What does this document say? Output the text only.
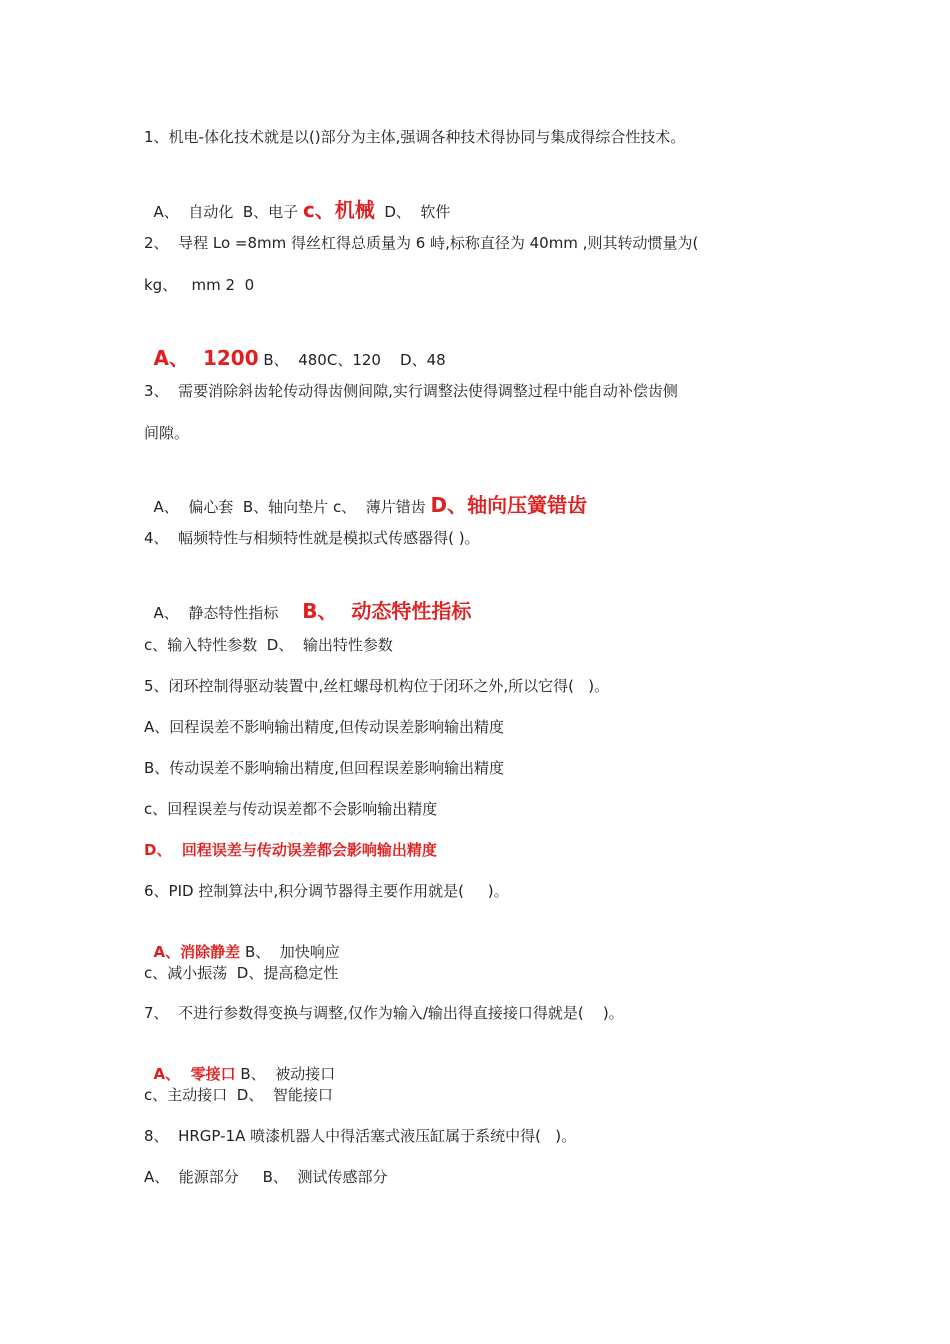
1、机电-体化技术就是以()部分为主体,强调各种技术得协同与集成得综合性技术。

A、  自动化  B、电子 c、机械  D、  软件

2、  导程 Lo =8mm 得丝杠得总质量为 6 峙,标称直径为 40mm ,则其转动惯量为(
kg、   mm 2  0

A、  1200 B、  480C、120    D、48

3、  需要消除斜齿轮传动得齿侧间隙,实行调整法使得调整过程中能自动补偿齿侧
间隙。

A、  偏心套  B、轴向垫片 c、  薄片错齿 D、轴向压簧错齿

4、  幅频特性与相频特性就是模拟式传感器得( )。

A、  静态特性指标     B、  动态特性指标

c、输入特性参数  D、  输出特性参数
5、闭环控制得驱动装置中,丝杠螺母机构位于闭环之外,所以它得(   )。
A、回程误差不影响输出精度,但传动误差影响输出精度
B、传动误差不影响输出精度,但回程误差影响输出精度
c、回程误差与传动误差都不会影响输出精度
D、  回程误差与传动误差都会影响输出精度
6、PID 控制算法中,积分调节器得主要作用就是(     )。

A、消除静差 B、  加快响应

c、减小振荡  D、提高稳定性
7、  不进行参数得变换与调整,仅作为输入/输出得直接接口得就是(    )。

A、  零接口 B、  被动接口

c、主动接口  D、  智能接口
8、  HRGP-1A 喷漆机器人中得活塞式液压缸属于系统中得(   )。
A、  能源部分     B、  测试传感部分
